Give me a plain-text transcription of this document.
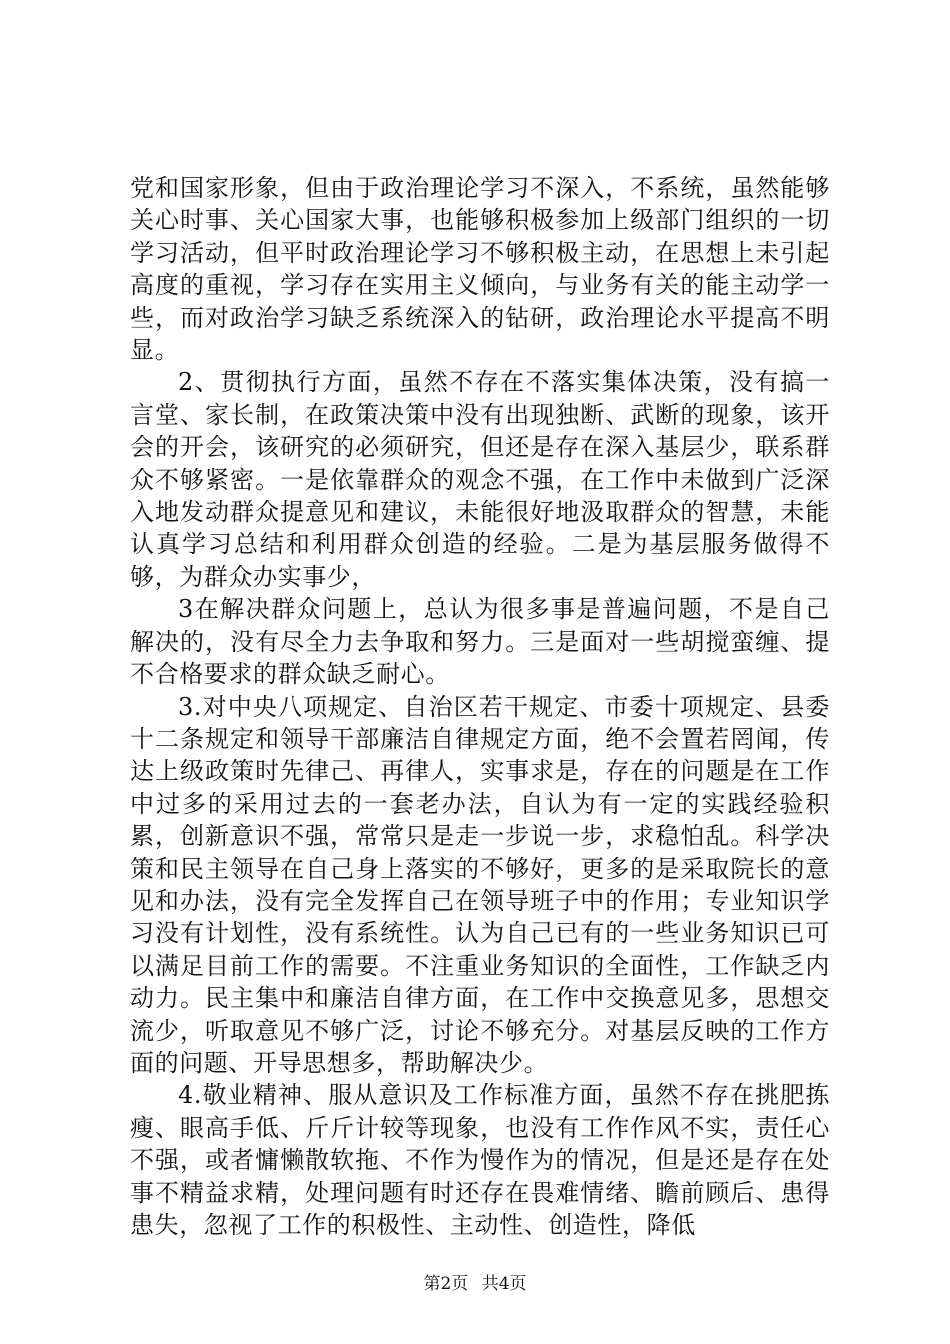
党和国家形象，但由于政治理论学习不深入，不系统，虽然能够关心时事、关心国家大事，也能够积极参加上级部门组织的一切学习活动，但平时政治理论学习不够积极主动，在思想上未引起高度的重视，学习存在实用主义倾向，与业务有关的能主动学一些，而对政治学习缺乏系统深入的钻研，政治理论水平提高不明显。

2、贯彻执行方面，虽然不存在不落实集体决策，没有搞一言堂、家长制，在政策决策中没有出现独断、武断的现象，该开会的开会，该研究的必须研究，但还是存在深入基层少，联系群众不够紧密。一是依靠群众的观念不强，在工作中未做到广泛深入地发动群众提意见和建议，未能很好地汲取群众的智慧，未能认真学习总结和利用群众创造的经验。二是为基层服务做得不够，为群众办实事少，

3在解决群众问题上，总认为很多事是普遍问题，不是自己解决的，没有尽全力去争取和努力。三是面对一些胡搅蛮缠、提不合格要求的群众缺乏耐心。

3.对中央八项规定、自治区若干规定、市委十项规定、县委十二条规定和领导干部廉洁自律规定方面，绝不会置若罔闻，传达上级政策时先律己、再律人，实事求是，存在的问题是在工作中过多的采用过去的一套老办法，自认为有一定的实践经验积累，创新意识不强，常常只是走一步说一步，求稳怕乱。科学决策和民主领导在自己身上落实的不够好，更多的是采取院长的意见和办法，没有完全发挥自己在领导班子中的作用；专业知识学习没有计划性，没有系统性。认为自己已有的一些业务知识已可以满足目前工作的需要。不注重业务知识的全面性，工作缺乏内动力。民主集中和廉洁自律方面，在工作中交换意见多，思想交流少，听取意见不够广泛，讨论不够充分。对基层反映的工作方面的问题、开导思想多，帮助解决少。

4.敬业精神、服从意识及工作标准方面，虽然不存在挑肥拣瘦、眼高手低、斤斤计较等现象，也没有工作作风不实，责任心不强，或者慵懒散软拖、不作为慢作为的情况，但是还是存在处事不精益求精，处理问题有时还存在畏难情绪、瞻前顾后、患得患失，忽视了工作的积极性、主动性、创造性，降低

第2页 共4页
